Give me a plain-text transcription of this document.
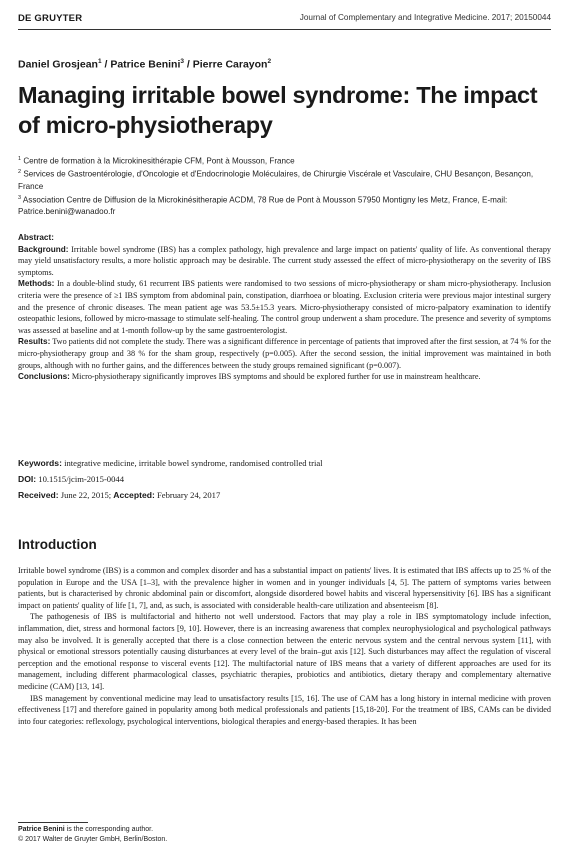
DE GRUYTER	Journal of Complementary and Integrative Medicine. 2017; 20150044
Daniel Grosjean$^1$ / Patrice Benini$^3$ / Pierre Carayon$^2$
Managing irritable bowel syndrome: The impact of micro-physiotherapy
$^1$ Centre de formation à la Microkinesithérapie CFM, Pont à Mousson, France
$^2$ Services de Gastroentérologie, d'Oncologie et d'Endocrinologie Moléculaires, de Chirurgie Viscérale et Vasculaire, CHU Besançon, Besançon, France
$^3$ Association Centre de Diffusion de la Microkinésitherapie ACDM, 78 Rue de Pont à Mousson 57950 Montigny les Metz, France, E-mail: Patrice.benini@wanadoo.fr
Abstract:
Background: Irritable bowel syndrome (IBS) has a complex pathology, high prevalence and large impact on patients' quality of life. As conventional therapy may yield unsatisfactory results, a more holistic approach may be desirable. The current study assessed the effect of micro-physiotherapy on the severity of IBS symptoms.
Methods: In a double-blind study, 61 recurrent IBS patients were randomised to two sessions of micro-physiotherapy or sham micro-physiotherapy. Inclusion criteria were the presence of ≥1 IBS symptom from abdominal pain, constipation, diarrhoea or bloating. Exclusion criteria were previous major intestinal surgery and the presence of chronic diseases. The mean patient age was 53.5±15.3 years. Micro-physiotherapy consisted of micro-palpatory examination to identify osteopathic lesions, followed by micro-massage to stimulate self-healing. The control group underwent a sham procedure. The presence and severity of symptoms was assessed at baseline and at 1-month follow-up by the same gastroenterologist.
Results: Two patients did not complete the study. There was a significant difference in percentage of patients that improved after the first session, at 74 % for the micro-physiotherapy group and 38 % for the sham group, respectively (p=0.005). After the second session, the initial improvement was maintained in both groups, although with no further gains, and the differences between the study groups remained significant (p=0.007).
Conclusions: Micro-physiotherapy significantly improves IBS symptoms and should be explored further for use in mainstream healthcare.
Keywords: integrative medicine, irritable bowel syndrome, randomised controlled trial
DOI: 10.1515/jcim-2015-0044
Received: June 22, 2015; Accepted: February 24, 2017
Introduction

Irritable bowel syndrome (IBS) is a common and complex disorder and has a substantial impact on patients' lives. It is estimated that IBS affects up to 25 % of the population in Europe and the USA [1–3], with the prevalence higher in women and in younger individuals [4, 5]. The pattern of symptoms varies between patients, but is characterised by chronic abdominal pain or discomfort, alongside disordered bowel habits and visceral hypersensitivity [6]. IBS has a significant impact on patients' quality of life [1, 7], and, as such, is associated with considerable health-care utilization and absenteeism [8].

The pathogenesis of IBS is multifactorial and hitherto not well understood. Factors that may play a role in IBS symptomatology include infection, inflammation, diet, stress and hormonal factors [9, 10]. However, there is an increasing awareness that complex neurophysiological and psychological pathways may also be involved. It is generally accepted that there is a close connection between the enteric nervous system and the central nervous system [11], with physical or emotional stressors potentially causing disturbances at every level of the brain–gut axis [12]. Such disturbances may affect the regulation of visceral perception and the emotional response to visceral events [12]. The multifactorial nature of IBS means that a variety of different approaches are used for its management, including different pharmacological classes, psychiatric therapies, probiotics and antibiotics, dietary therapy and complementary alternative medicine (CAM) [13, 14].

IBS management by conventional medicine may lead to unsatisfactory results [15, 16]. The use of CAM has a long history in internal medicine with proven effectiveness [17] and therefore gained in popularity among both medical professionals and patients [15,18-20]. For the treatment of IBS, CAMs can be divided into four categories: reflexology, psychological interventions, biological therapies and energy-based therapies. It has been

Patrice Benini is the corresponding author.
© 2017 Walter de Gruyter GmbH, Berlin/Boston.
